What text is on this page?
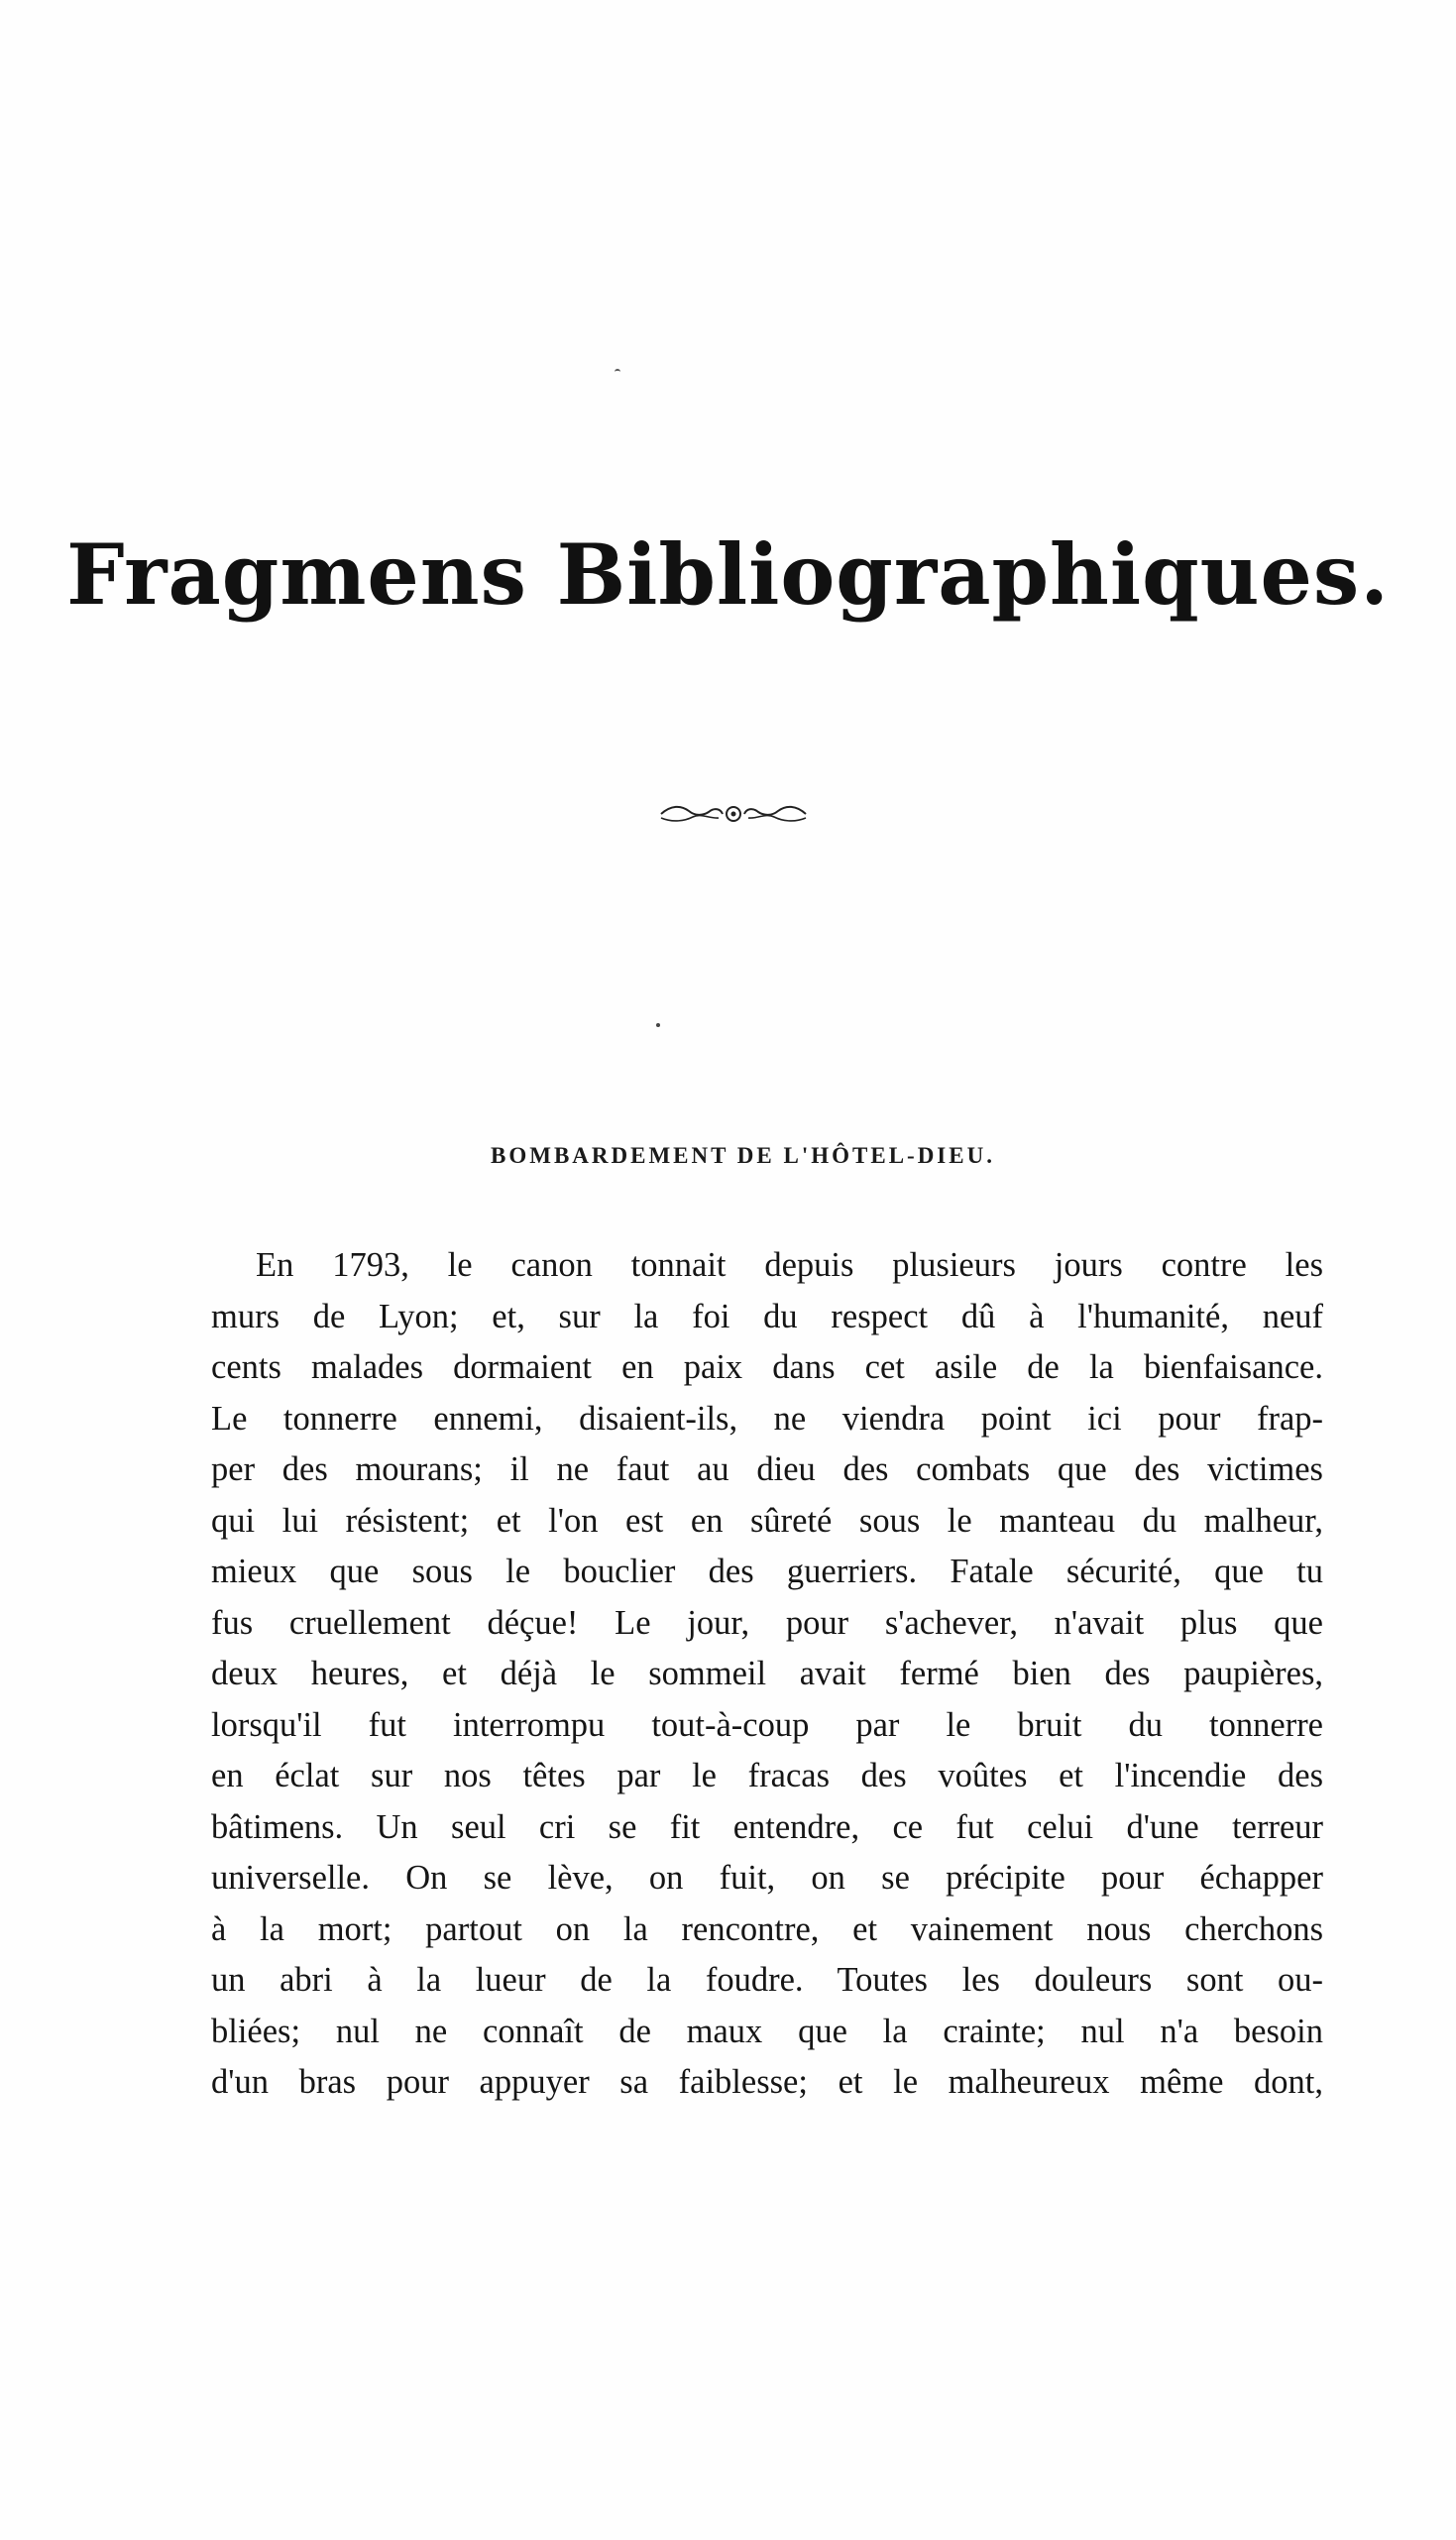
Fragmens Bibliographiques.
BOMBARDEMENT DE L'HÔTEL-DIEU.
En 1793, le canon tonnait depuis plusieurs jours contre les
murs de Lyon; et, sur la foi du respect dû à l'humanité, neuf
cents malades dormaient en paix dans cet asile de la bienfaisance.
Le tonnerre ennemi, disaient-ils, ne viendra point ici pour frap-
per des mourans; il ne faut au dieu des combats que des victimes
qui lui résistent; et l'on est en sûreté sous le manteau du malheur,
mieux que sous le bouclier des guerriers. Fatale sécurité, que tu
fus cruellement déçue! Le jour, pour s'achever, n'avait plus que
deux heures, et déjà le sommeil avait fermé bien des paupières,
lorsqu'il fut interrompu tout-à-coup par le bruit du tonnerre
en éclat sur nos têtes par le fracas des voûtes et l'incendie des
bâtimens. Un seul cri se fit entendre, ce fut celui d'une terreur
universelle. On se lève, on fuit, on se précipite pour échapper
à la mort; partout on la rencontre, et vainement nous cherchons
un abri à la lueur de la foudre. Toutes les douleurs sont ou-
bliées; nul ne connaît de maux que la crainte; nul n'a besoin
d'un bras pour appuyer sa faiblesse; et le malheureux même dont,
